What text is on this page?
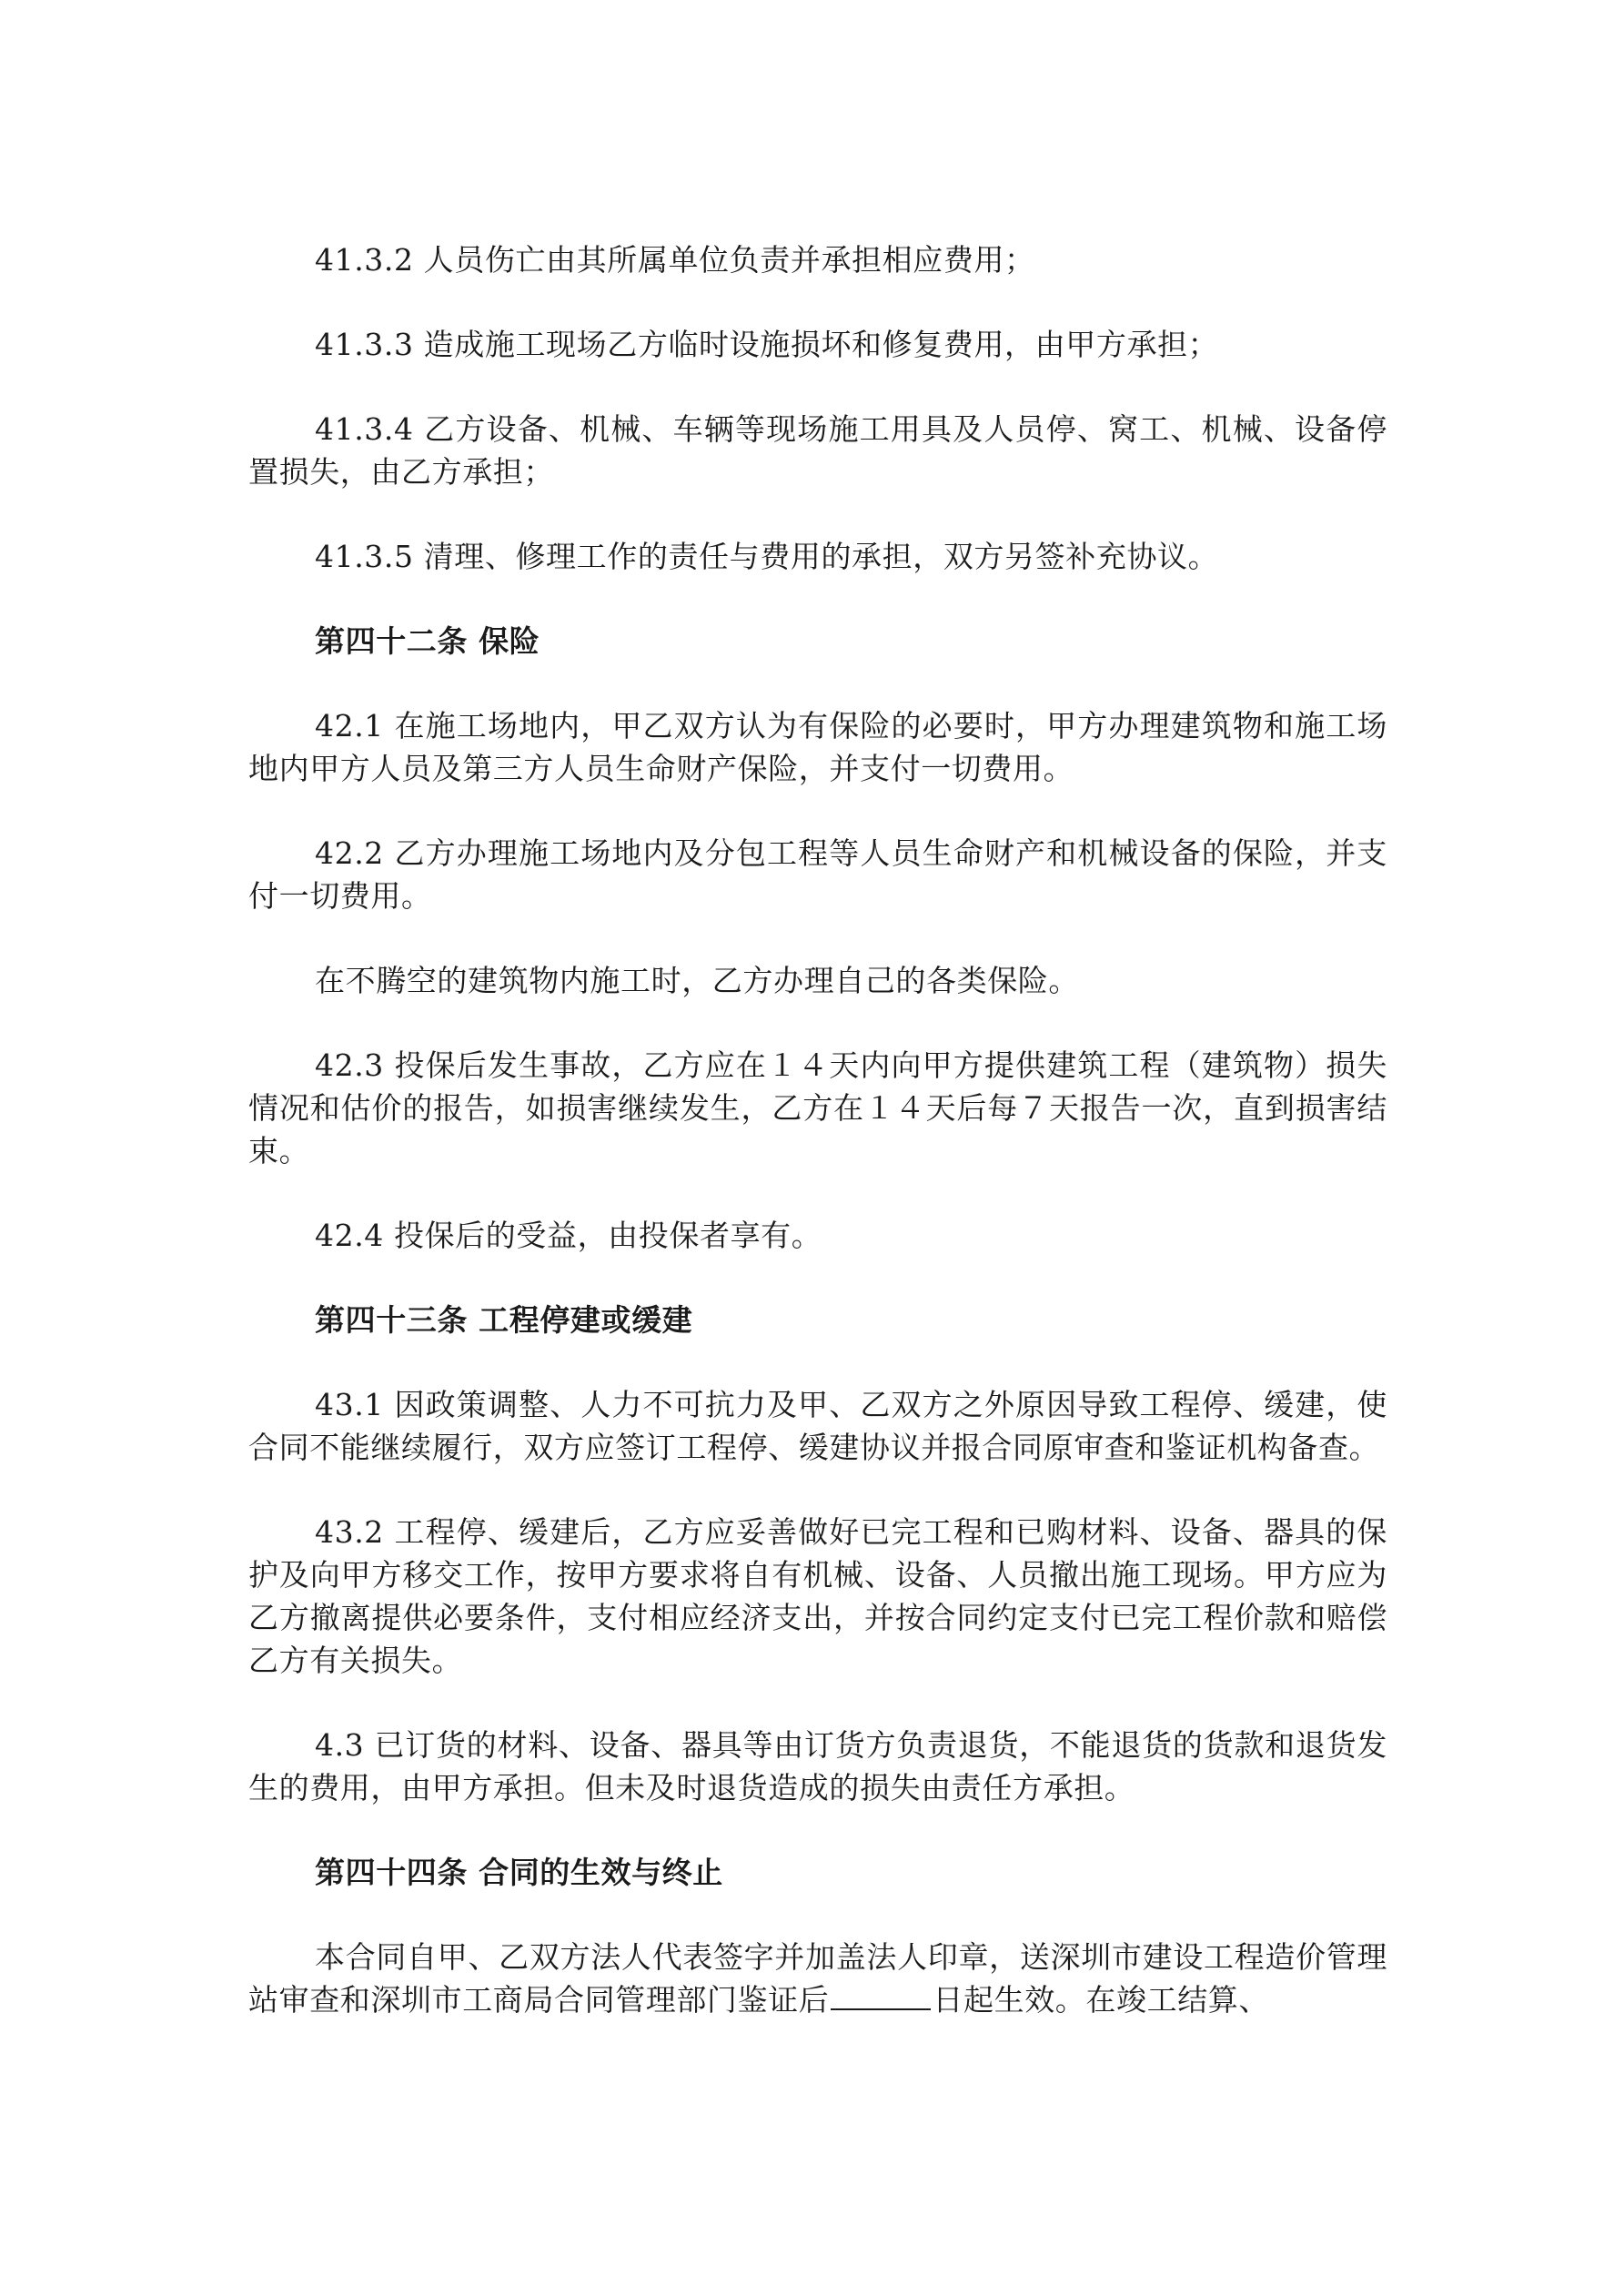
41.3.2 人员伤亡由其所属单位负责并承担相应费用；

41.3.3 造成施工现场乙方临时设施损坏和修复费用，由甲方承担；

41.3.4 乙方设备、机械、车辆等现场施工用具及人员停、窝工、机械、设备停置损失，由乙方承担；

41.3.5 清理、修理工作的责任与费用的承担，双方另签补充协议。

第四十二条 保险

42.1 在施工场地内，甲乙双方认为有保险的必要时，甲方办理建筑物和施工场地内甲方人员及第三方人员生命财产保险，并支付一切费用。

42.2 乙方办理施工场地内及分包工程等人员生命财产和机械设备的保险，并支付一切费用。

在不腾空的建筑物内施工时，乙方办理自己的各类保险。

42.3 投保后发生事故，乙方应在１４天内向甲方提供建筑工程（建筑物）损失情况和估价的报告，如损害继续发生，乙方在１４天后每７天报告一次，直到损害结束。

42.4 投保后的受益，由投保者享有。

第四十三条 工程停建或缓建

43.1 因政策调整、人力不可抗力及甲、乙双方之外原因导致工程停、缓建，使合同不能继续履行，双方应签订工程停、缓建协议并报合同原审查和鉴证机构备查。

43.2 工程停、缓建后，乙方应妥善做好已完工程和已购材料、设备、器具的保护及向甲方移交工作，按甲方要求将自有机械、设备、人员撤出施工现场。甲方应为乙方撤离提供必要条件，支付相应经济支出，并按合同约定支付已完工程价款和赔偿乙方有关损失。

4.3 已订货的材料、设备、器具等由订货方负责退货，不能退货的货款和退货发生的费用，由甲方承担。但未及时退货造成的损失由责任方承担。

第四十四条 合同的生效与终止

本合同自甲、乙双方法人代表签字并加盖法人印章，送深圳市建设工程造价管理站审查和深圳市工商局合同管理部门鉴证后	日起生效。在竣工结算、
